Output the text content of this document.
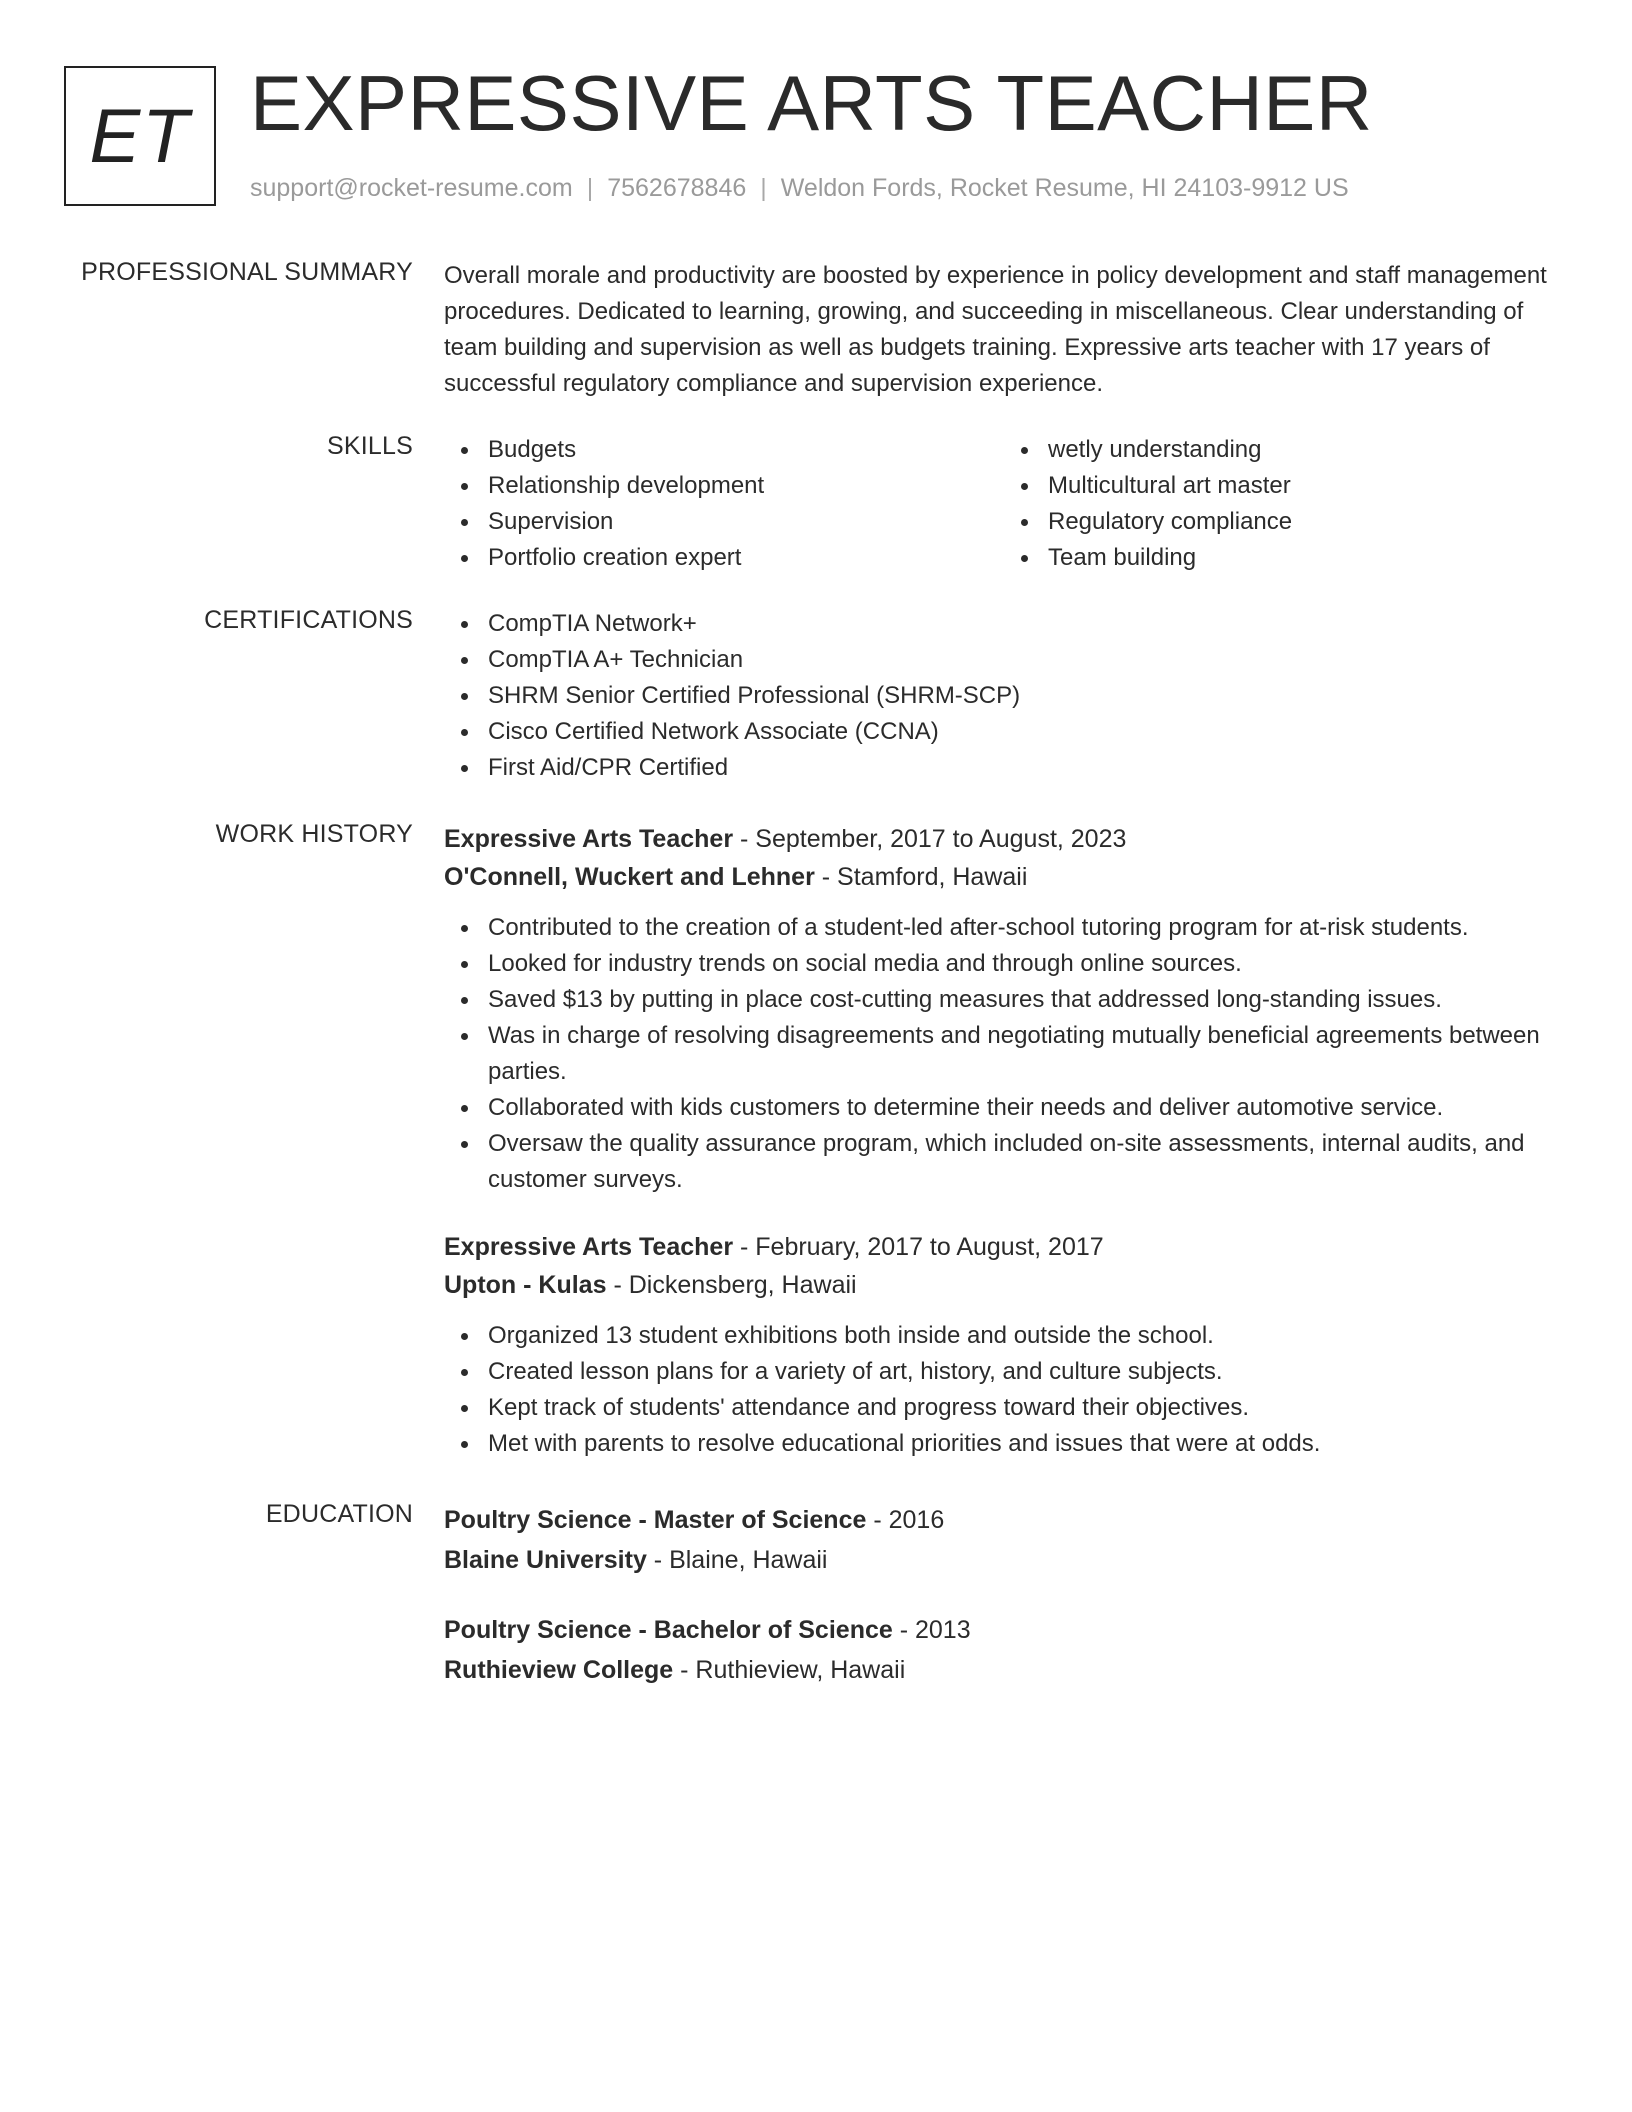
ET EXPRESSIVE ARTS TEACHER
support@rocket-resume.com | 7562678846 | Weldon Fords, Rocket Resume, HI 24103-9912 US
PROFESSIONAL SUMMARY Overall morale and productivity are boosted by experience in policy development and staff management procedures. Dedicated to learning, growing, and succeeding in miscellaneous. Clear understanding of team building and supervision as well as budgets training. Expressive arts teacher with 17 years of successful regulatory compliance and supervision experience.
SKILLS	Budgets
Relationship development
Supervision
Portfolio creation expert
wetly understanding
Multicultural art master
Regulatory compliance
Team building
CERTIFICATIONS	CompTIA Network+
CompTIA A+ Technician
SHRM Senior Certified Professional (SHRM-SCP)
Cisco Certified Network Associate (CCNA)
First Aid/CPR Certified
WORK HISTORY Expressive Arts Teacher - September, 2017 to August, 2023
O'Connell, Wuckert and Lehner - Stamford, Hawaii
Contributed to the creation of a student-led after-school tutoring program for at-risk students.
Looked for industry trends on social media and through online sources.
Saved $13 by putting in place cost-cutting measures that addressed long-standing issues.
Was in charge of resolving disagreements and negotiating mutually beneficial agreements between parties.
Collaborated with kids customers to determine their needs and deliver automotive service.
Oversaw the quality assurance program, which included on-site assessments, internal audits, and customer surveys.
Expressive Arts Teacher - February, 2017 to August, 2017
Upton - Kulas - Dickensberg, Hawaii
Organized 13 student exhibitions both inside and outside the school.
Created lesson plans for a variety of art, history, and culture subjects.
Kept track of students' attendance and progress toward their objectives.
Met with parents to resolve educational priorities and issues that were at odds.
EDUCATION Poultry Science - Master of Science - 2016
Blaine University - Blaine, Hawaii
Poultry Science - Bachelor of Science - 2013
Ruthieview College - Ruthieview, Hawaii
